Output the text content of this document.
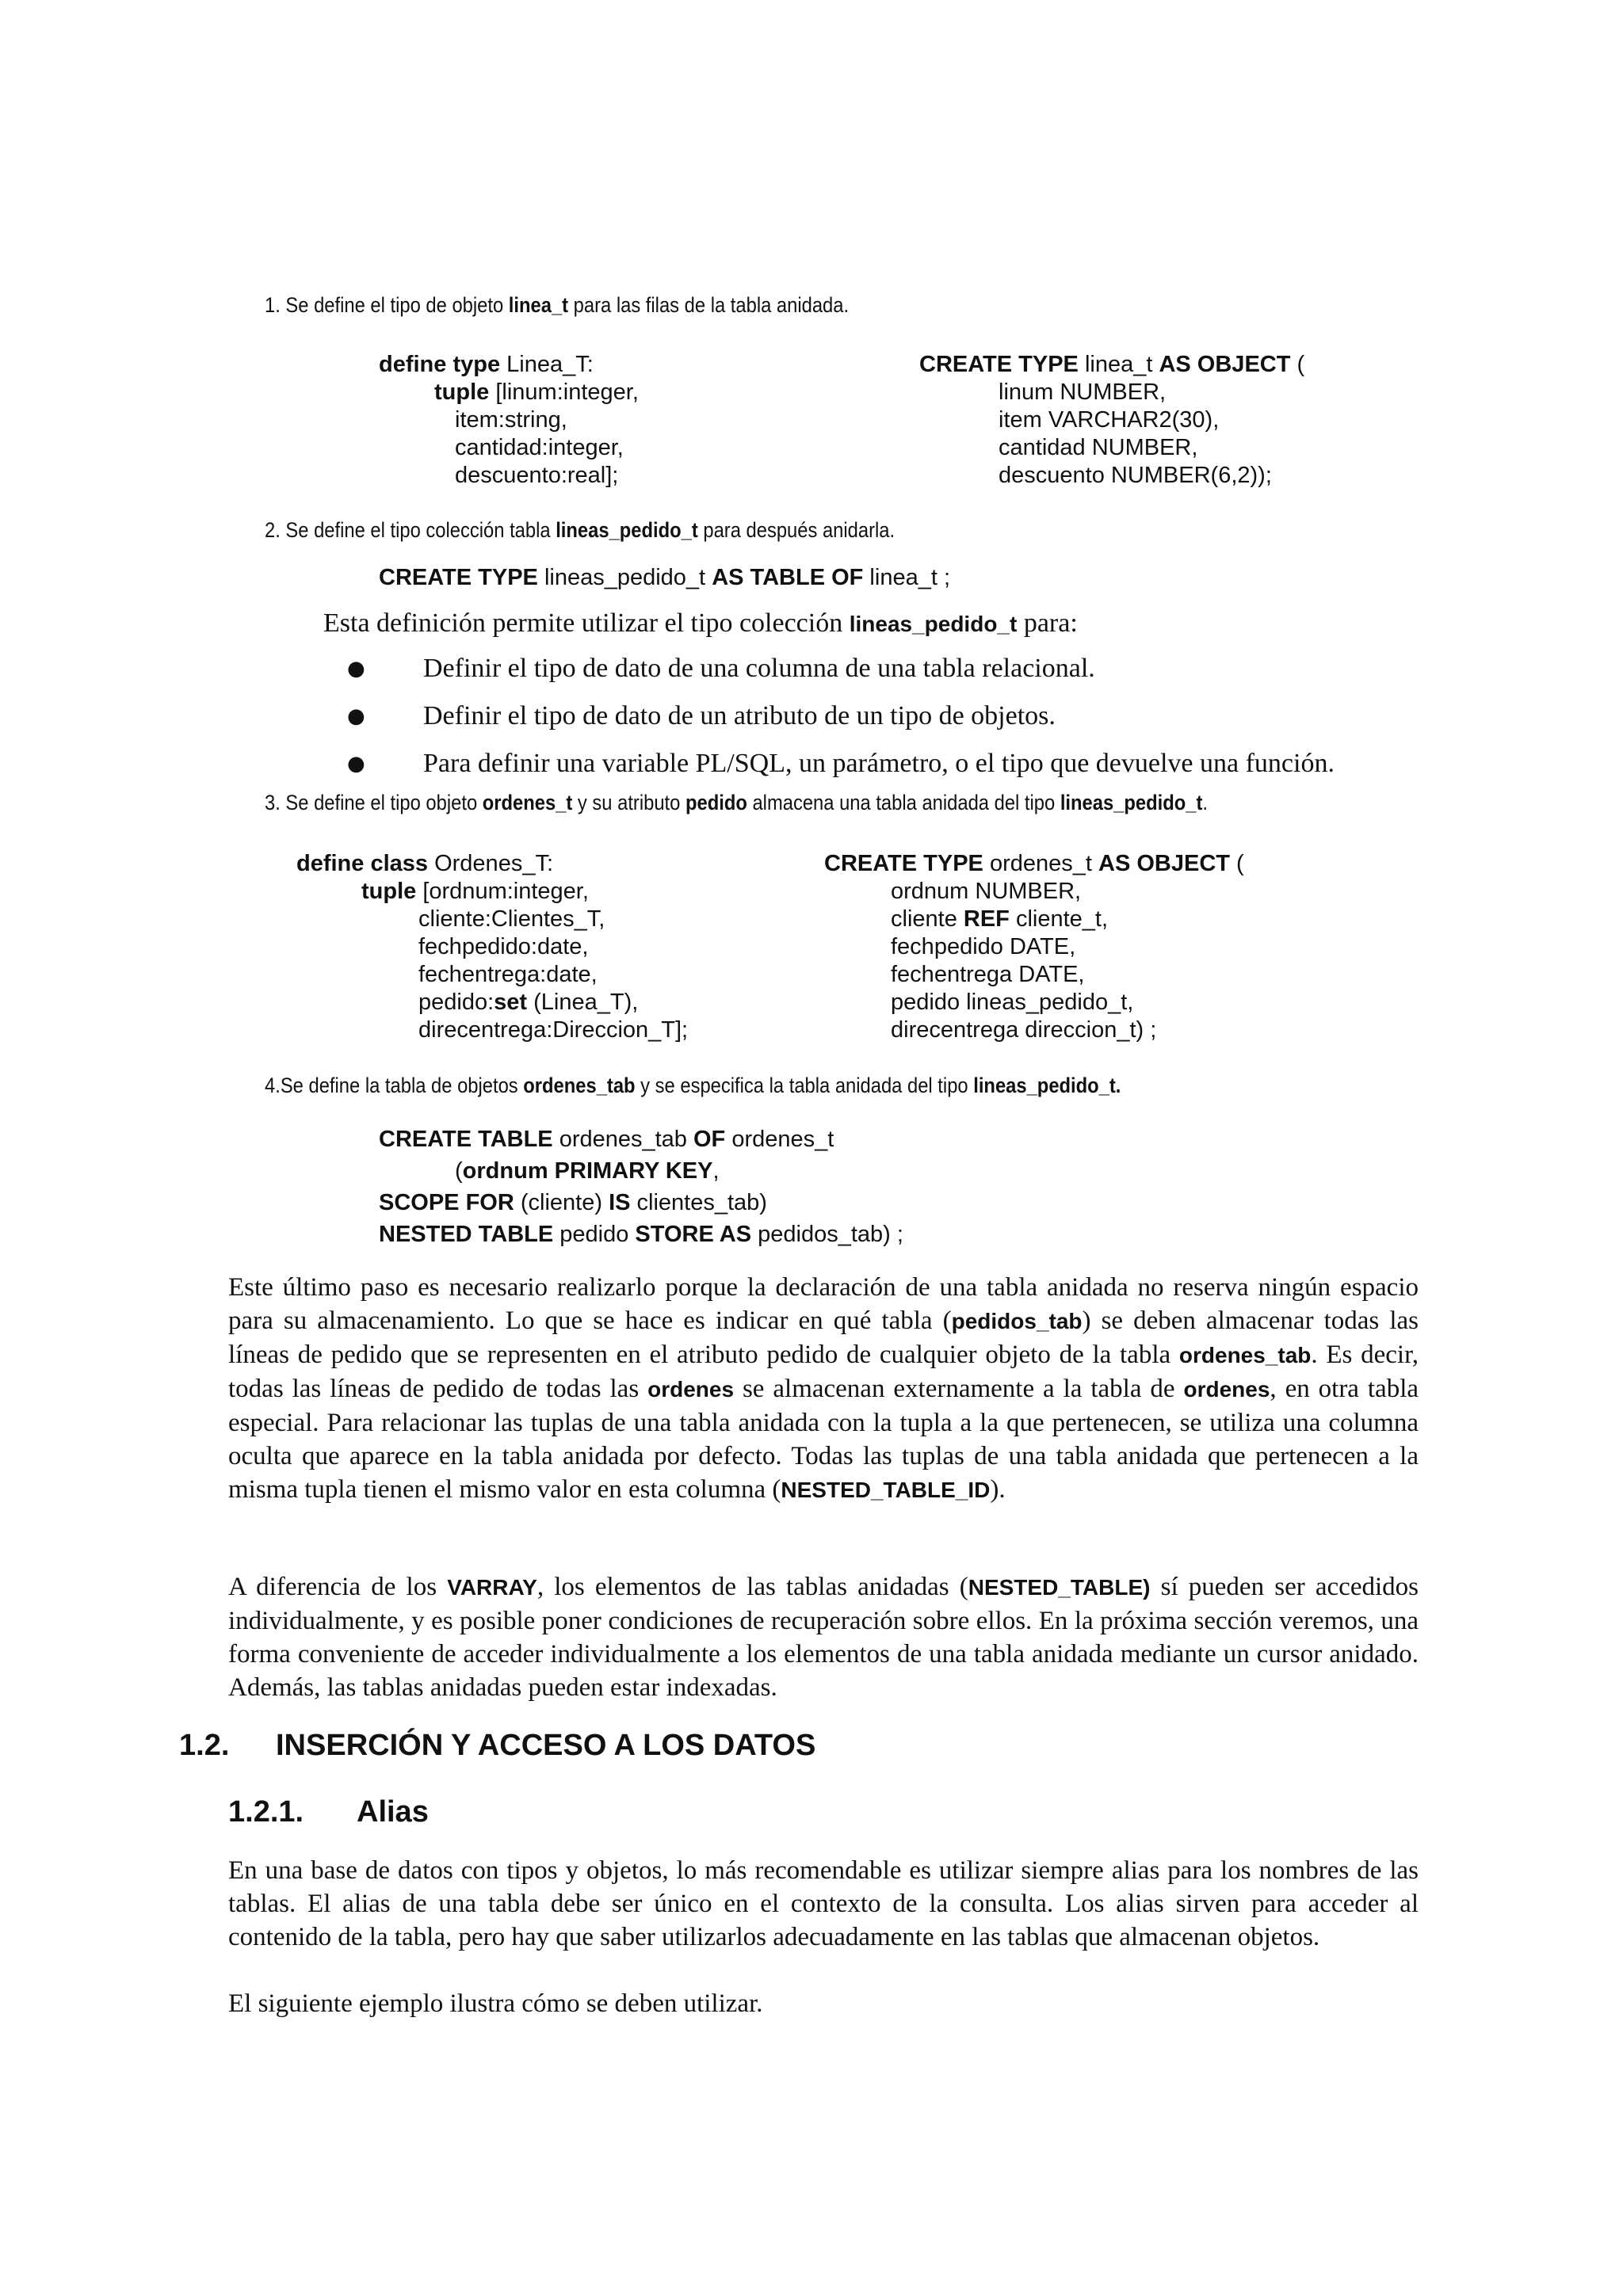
1. Se define el tipo de objeto linea_t para las filas de la tabla anidada.
define type Linea_T:
tuple [linum:integer,
item:string,
cantidad:integer,
descuento:real];
CREATE TYPE linea_t AS OBJECT (
linum NUMBER,
item VARCHAR2(30),
cantidad NUMBER,
descuento NUMBER(6,2));
2. Se define el tipo colección tabla lineas_pedido_t para después anidarla.
CREATE TYPE lineas_pedido_t AS TABLE OF linea_t ;
Esta definición permite utilizar el tipo colección lineas_pedido_t para:
● Definir el tipo de dato de una columna de una tabla relacional.
● Definir el tipo de dato de un atributo de un tipo de objetos.
● Para definir una variable PL/SQL, un parámetro, o el tipo que devuelve una función.
3. Se define el tipo objeto ordenes_t y su atributo pedido almacena una tabla anidada del tipo lineas_pedido_t.
define class Ordenes_T:
tuple [ordnum:integer,
cliente:Clientes_T,
fechpedido:date,
fechentrega:date,
pedido:set (Linea_T),
direcentrega:Direccion_T];
CREATE TYPE ordenes_t AS OBJECT (
ordnum NUMBER,
cliente REF cliente_t,
fechpedido DATE,
fechentrega DATE,
pedido lineas_pedido_t,
direcentrega direccion_t) ;
4.Se define la tabla de objetos ordenes_tab y se especifica la tabla anidada del tipo lineas_pedido_t.
CREATE TABLE ordenes_tab OF ordenes_t
(ordnum PRIMARY KEY,
SCOPE FOR (cliente) IS clientes_tab)
NESTED TABLE pedido STORE AS pedidos_tab) ;
Este último paso es necesario realizarlo porque la declaración de una tabla anidada no reserva ningún espacio para su almacenamiento. Lo que se hace es indicar en qué tabla (pedidos_tab) se deben almacenar todas las líneas de pedido que se representen en el atributo pedido de cualquier objeto de la tabla ordenes_tab. Es decir, todas las líneas de pedido de todas las ordenes se almacenan externamente a la tabla de ordenes, en otra tabla especial. Para relacionar las tuplas de una tabla anidada con la tupla a la que pertenecen, se utiliza una columna oculta que aparece en la tabla anidada por defecto. Todas las tuplas de una tabla anidada que pertenecen a la misma tupla tienen el mismo valor en esta columna (NESTED_TABLE_ID).
A diferencia de los VARRAY, los elementos de las tablas anidadas (NESTED_TABLE) sí pueden ser accedidos individualmente, y es posible poner condiciones de recuperación sobre ellos. En la próxima sección veremos, una forma conveniente de acceder individualmente a los elementos de una tabla anidada mediante un cursor anidado. Además, las tablas anidadas pueden estar indexadas.
1.2. INSERCIÓN Y ACCESO A LOS DATOS
1.2.1. Alias
En una base de datos con tipos y objetos, lo más recomendable es utilizar siempre alias para los nombres de las tablas. El alias de una tabla debe ser único en el contexto de la consulta. Los alias sirven para acceder al contenido de la tabla, pero hay que saber utilizarlos adecuadamente en las tablas que almacenan objetos.
El siguiente ejemplo ilustra cómo se deben utilizar.
